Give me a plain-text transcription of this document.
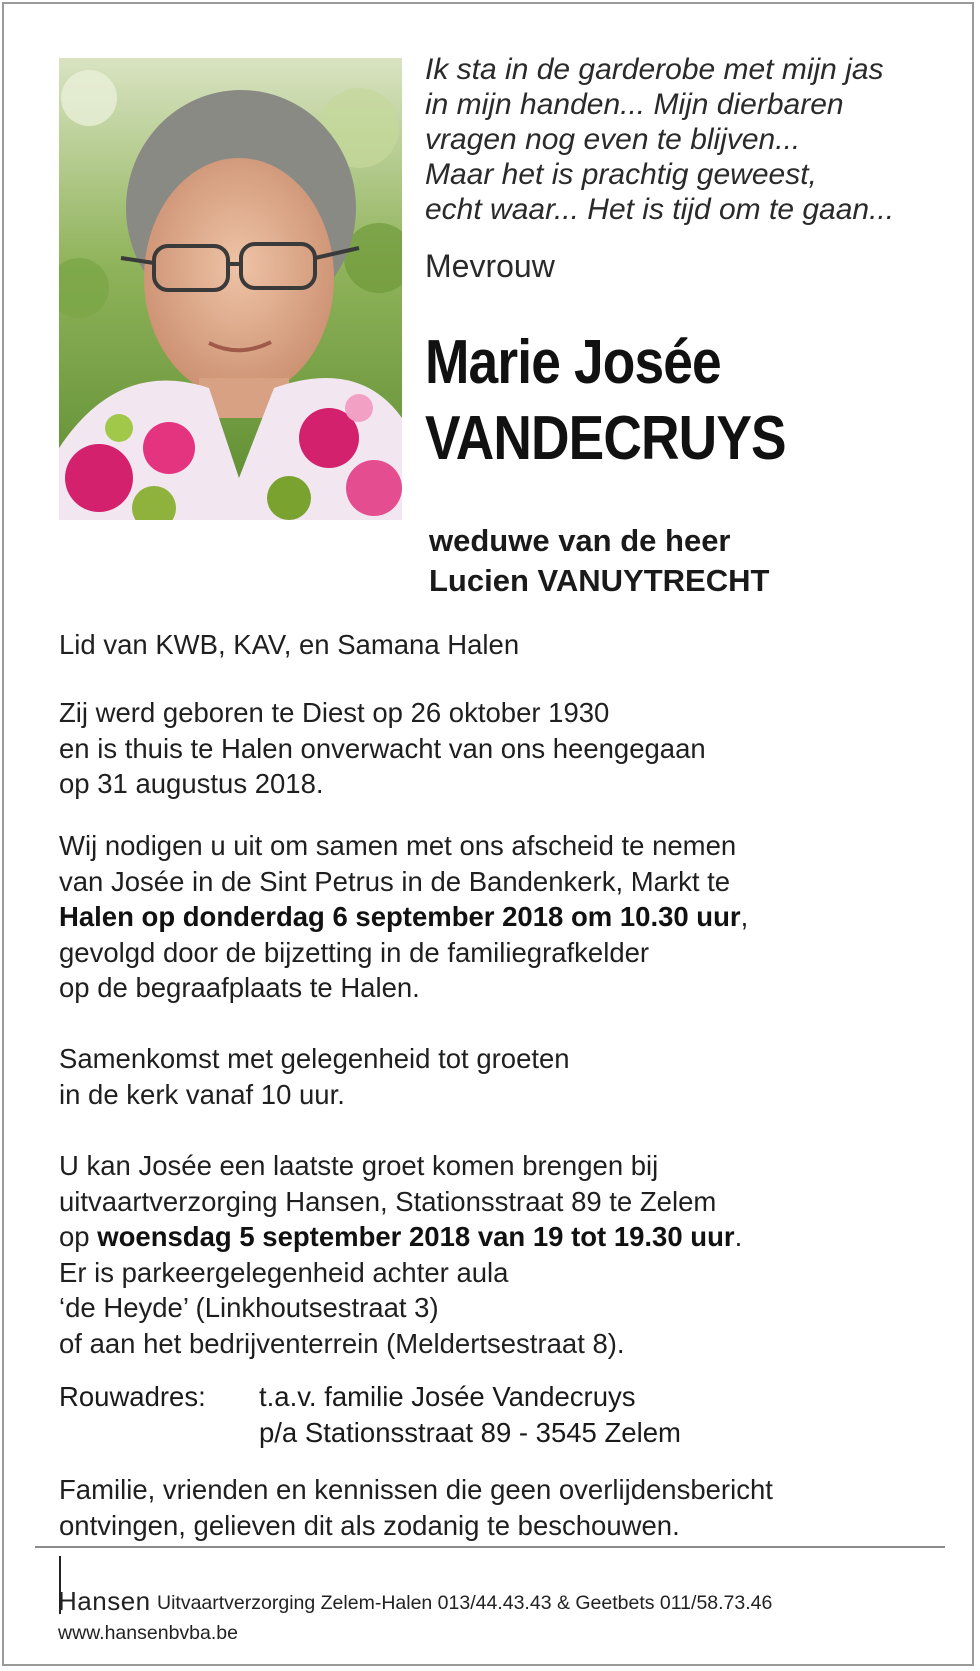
Ik sta in de garderobe met mijn jas
in mijn handen... Mijn dierbaren
vragen nog even te blijven...
Maar het is prachtig geweest,
echt waar... Het is tijd om te gaan...
Mevrouw
Marie Josée
VANDECRUYS
weduwe van de heer
Lucien VANUYTRECHT
Lid van KWB, KAV, en Samana Halen
Zij werd geboren te Diest op 26 oktober 1930
en is thuis te Halen onverwacht van ons heengegaan
op 31 augustus 2018.
Wij nodigen u uit om samen met ons afscheid te nemen
van Josée in de Sint Petrus in de Bandenkerk, Markt te
Halen op donderdag 6 september 2018 om 10.30 uur,
gevolgd door de bijzetting in de familiegrafkelder
op de begraafplaats te Halen.
Samenkomst met gelegenheid tot groeten
in de kerk vanaf 10 uur.
U kan Josée een laatste groet komen brengen bij
uitvaartverzorging Hansen, Stationsstraat 89 te Zelem
op woensdag 5 september 2018 van 19 tot 19.30 uur.
Er is parkeergelegenheid achter aula
‘de Heyde’ (Linkhoutsestraat 3)
of aan het bedrijventerrein (Meldertsestraat 8).
Rouwadres: t.a.v. familie Josée Vandecruys
p/a Stationsstraat 89 - 3545 Zelem
Familie, vrienden en kennissen die geen overlijdensbericht
ontvingen, gelieven dit als zodanig te beschouwen.
Hansen Uitvaartverzorging Zelem-Halen 013/44.43.43 & Geetbets 011/58.73.46
www.hansenbvba.be
